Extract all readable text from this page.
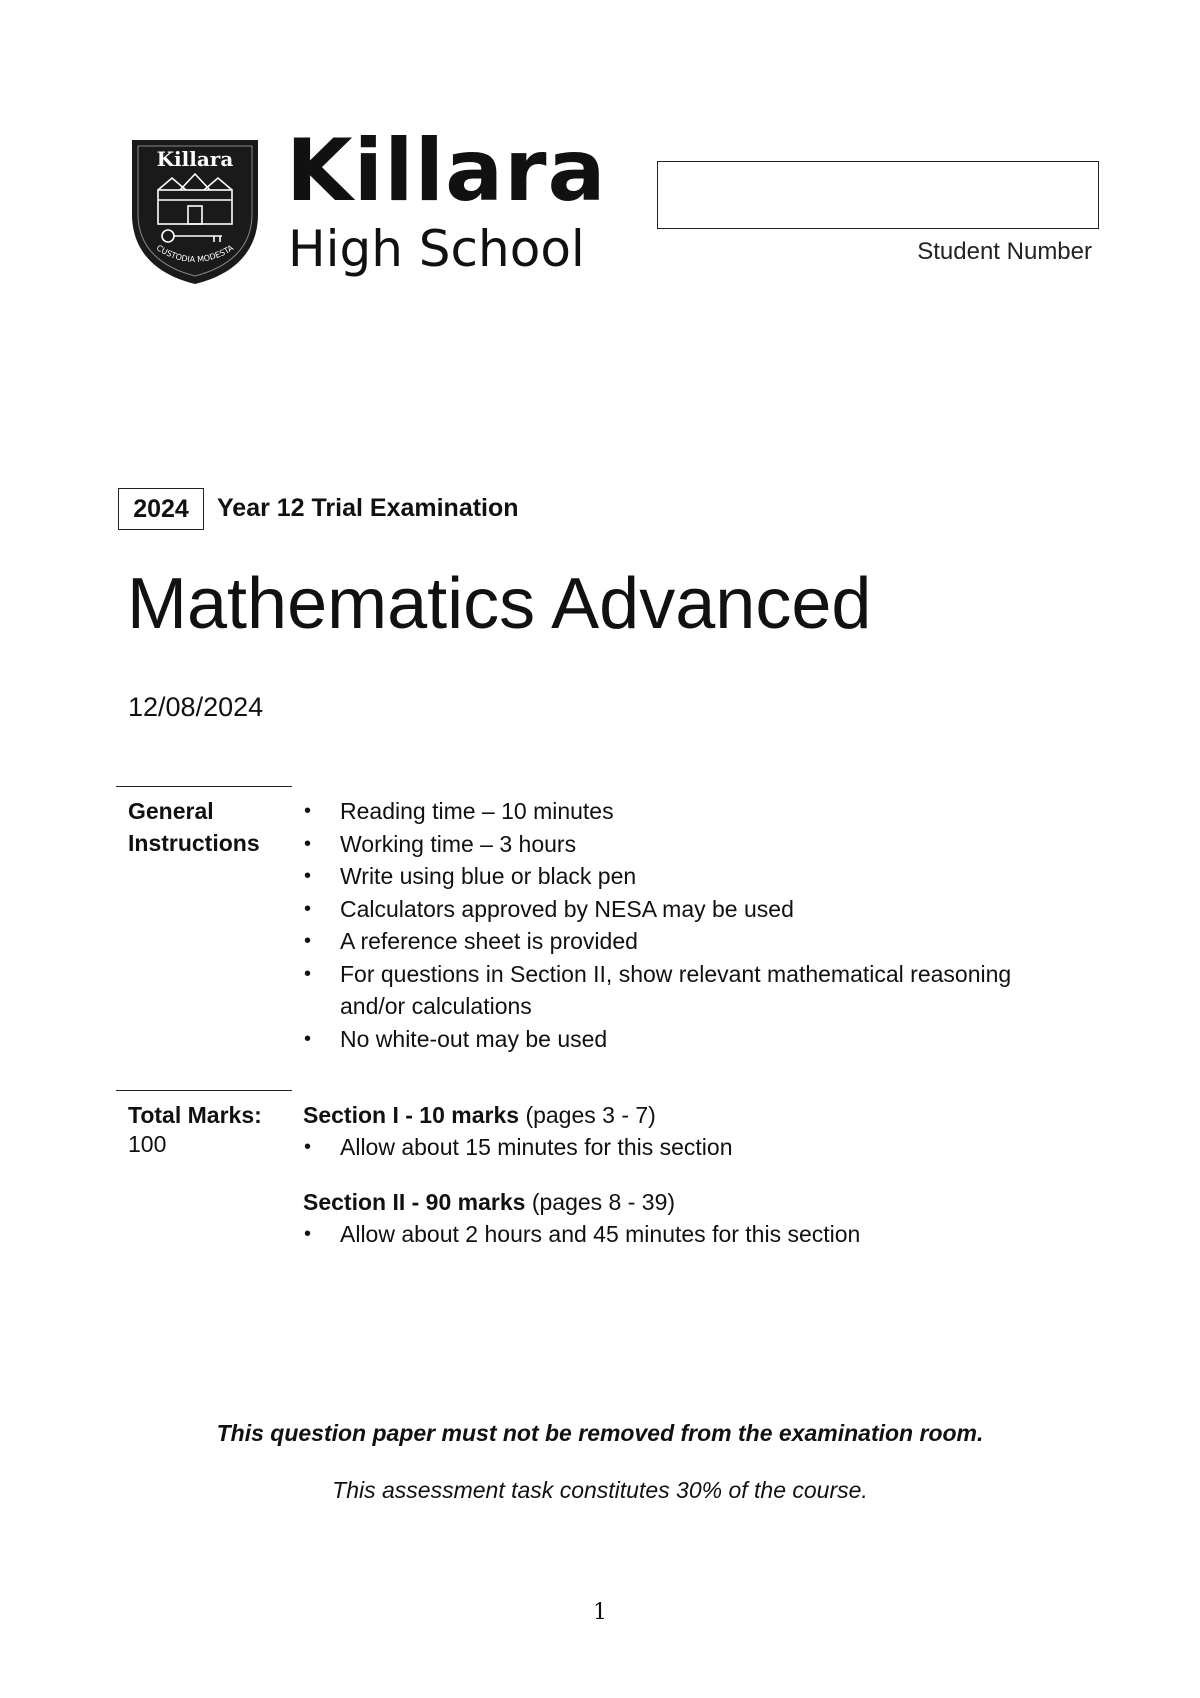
Killara
CUSTODIA MODESTA
Killara
High School	Student Number
2024	Year 12 Trial Examination
Mathematics Advanced
12/08/2024
General Instructions
• Reading time – 10 minutes
• Working time – 3 hours
• Write using blue or black pen
• Calculators approved by NESA may be used
• A reference sheet is provided
• For questions in Section II, show relevant mathematical reasoning and/or calculations
• No white-out may be used
Total Marks:
100
Section I - 10 marks (pages 3 - 7)
• Allow about 15 minutes for this section
Section II - 90 marks (pages 8 - 39)
• Allow about 2 hours and 45 minutes for this section
This question paper must not be removed from the examination room.
This assessment task constitutes 30% of the course.
1
